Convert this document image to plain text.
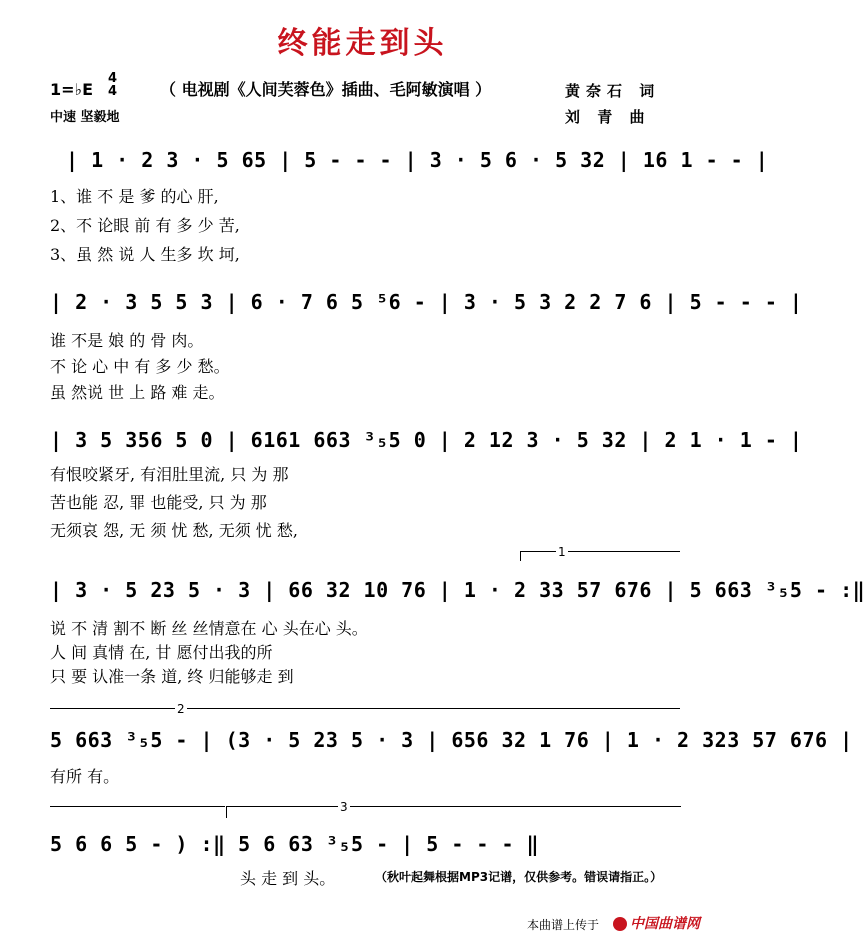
终能走到头
1=♭E
4
4	（ 电视剧《人间芙蓉色》插曲、毛阿敏演唱 ）
中速 坚毅地
黄奈石 词
刘 青 曲
| 1 · 2 3 · 5 65 | 5 - - - | 3 · 5 6 · 5 32 | 16 1 - - |
1、谁 不 是 爹 的心 肝,
2、不 论眼 前 有 多 少 苦,
3、虽 然 说 人 生多 坎 坷,
| 2 · 3 5 5 3 | 6 · 7 6 5 ⁵6 - | 3 · 5 3 2 2 7 6 | 5 - - - |
谁 不是 娘 的 骨 肉。
不 论 心 中 有 多 少 愁。
虽 然说 世 上 路 难 走。
| 3 5 356 5 0 | 6161 663 ³₅5 0 | 2 12 3 · 5 32 | 2 1 · 1 - |
有恨咬紧牙, 有泪肚里流, 只 为 那
苦也能 忍, 罪 也能受, 只 为 那
无须哀 怨, 无 须 忧 愁, 无须 忧 愁,
1
| 3 · 5 23 5 · 3 | 66 32 10 76 | 1 · 2 33 57 676 | 5 663 ³₅5 - :‖
说 不 清 割不 断 丝 丝情意在 心 头在心 头。
人 间 真情 在, 甘 愿付出我的所
只 要 认准一条 道, 终 归能够走 到
2
5 663 ³₅5 - | (3 · 5 23 5 · 3 | 656 32 1 76 | 1 · 2 323 57 676 |
有所 有。
3
5 6 6 5 - ) :‖ 5 6 63 ³₅5 - | 5 - - - ‖
头 走 到 头。	（秋叶起舞根据MP3记谱，仅供参考。错误请指正。）
本曲谱上传于	中国曲谱网
